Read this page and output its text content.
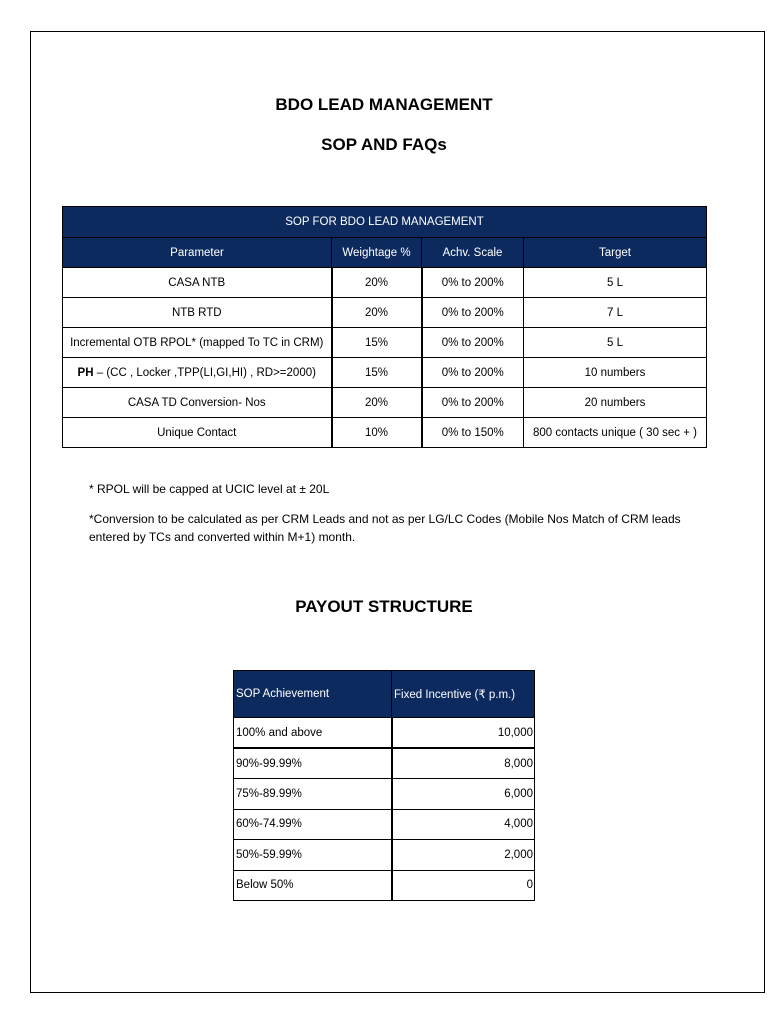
BDO LEAD MANAGEMENT
SOP AND FAQs
SOP FOR BDO LEAD MANAGEMENT			
Parameter	Weightage %	Achv. Scale	Target
CASA NTB	20%	0% to 200%	5 L
NTB RTD	20%	0% to 200%	7 L
Incremental OTB RPOL* (mapped To TC in CRM)	15%	0% to 200%	5 L
PH – (CC , Locker ,TPP(LI,GI,HI) , RD>=2000)	15%	0% to 200%	10 numbers
CASA TD Conversion- Nos	20%	0% to 200%	20 numbers
Unique Contact	10%	0% to 150%	800 contacts unique ( 30 sec + )
* RPOL will be capped at UCIC level at ± 20L
*Conversion to be calculated as per CRM Leads and not as per LG/LC Codes (Mobile Nos Match of CRM leads entered by TCs and converted within M+1) month.
PAYOUT STRUCTURE
SOP Achievement	Fixed Incentive (₹ p.m.)
100% and above	10,000
90%-99.99%	8,000
75%-89.99%	6,000
60%-74.99%	4,000
50%-59.99%	2,000
Below 50%	0
